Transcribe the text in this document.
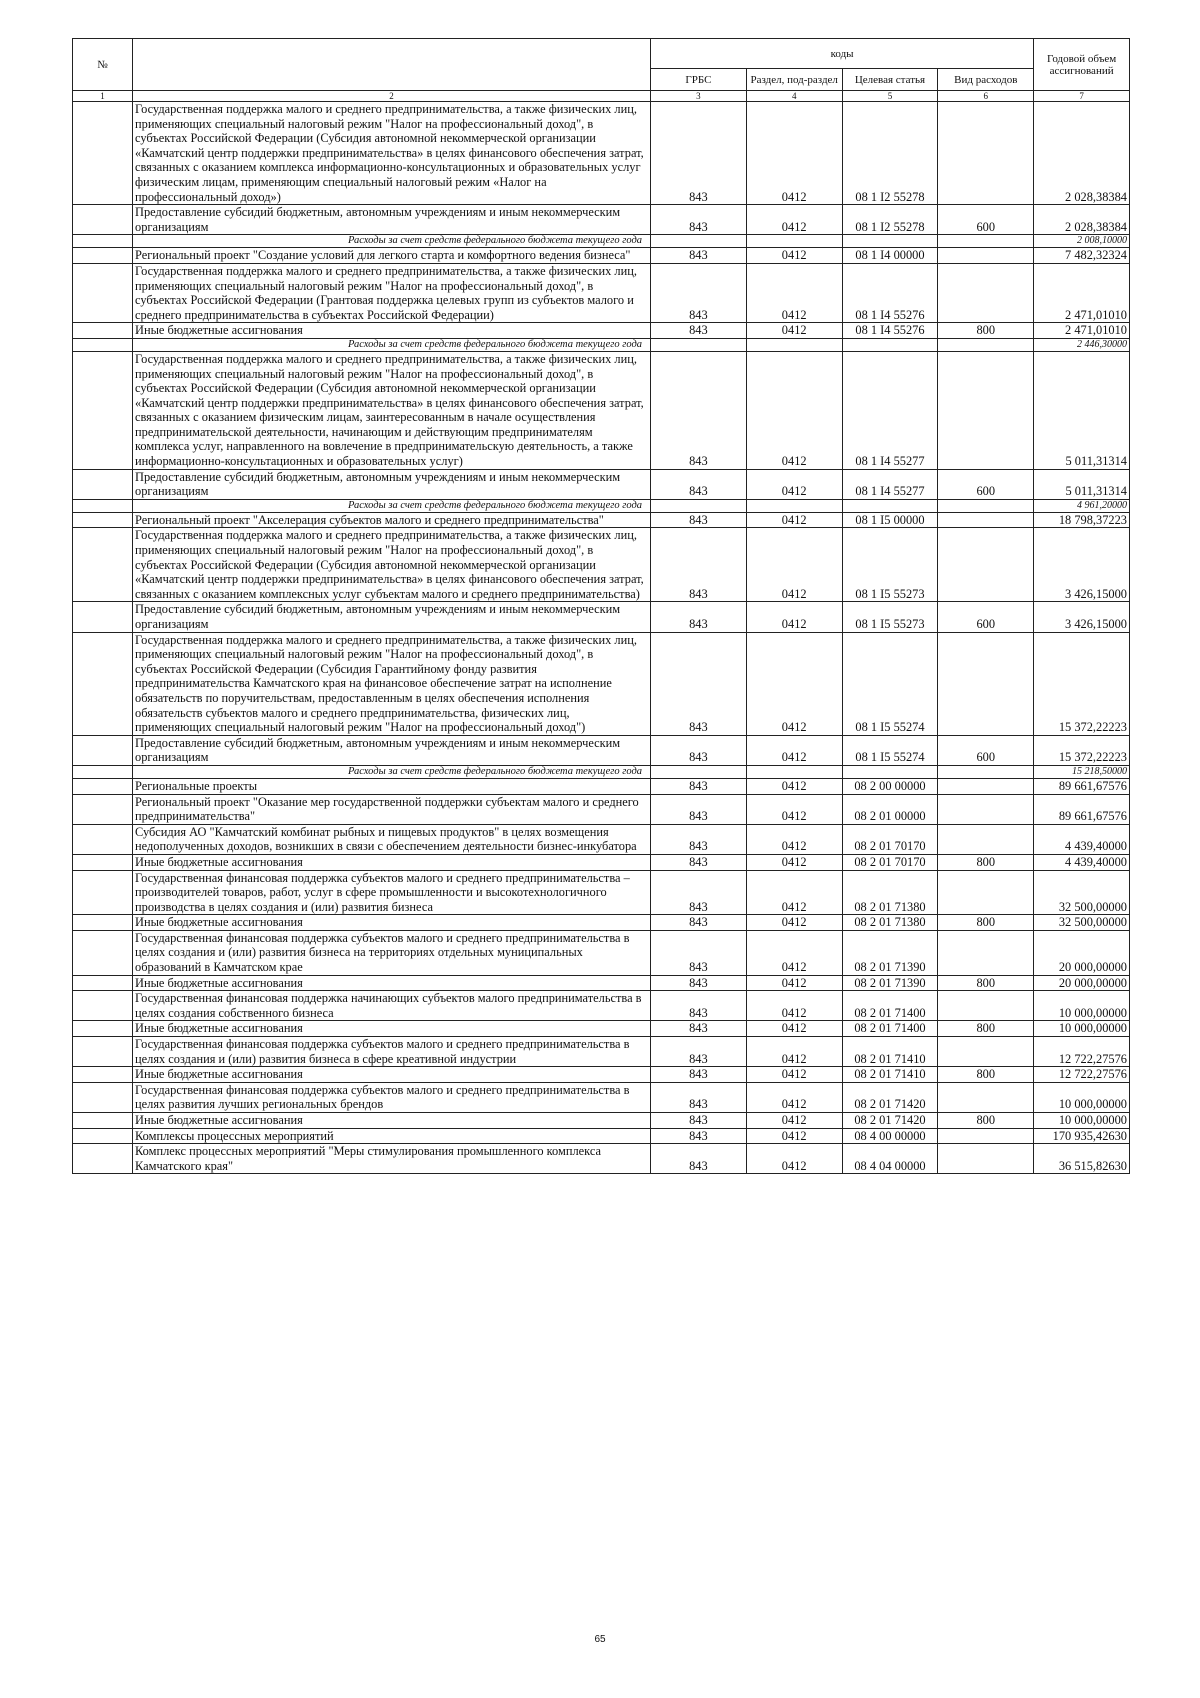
№		коды				Годовой объем ассигнований
		ГРБС	Раздел, под-раздел	Целевая статья	Вид расходов	
1	2	3	4	5	6	7
	Государственная поддержка малого и среднего предпринимательства, а также физических лиц, применяющих специальный налоговый режим "Налог на профессиональный доход", в субъектах Российской Федерации (Субсидия автономной некоммерческой организации «Камчатский центр поддержки предпринимательства» в целях финансового обеспечения затрат, связанных с оказанием комплекса информационно-консультационных и образовательных услуг физическим лицам, применяющим специальный налоговый режим «Налог на профессиональный доход»)	843	0412	08 1 I2 55278		2 028,38384
	Предоставление субсидий бюджетным, автономным учреждениям и иным некоммерческим организациям	843	0412	08 1 I2 55278	600	2 028,38384
	Расходы за счет средств федерального бюджета текущего года					2 008,10000
	Региональный проект "Создание условий для легкого старта и комфортного ведения бизнеса"	843	0412	08 1 I4 00000		7 482,32324
	Государственная поддержка малого и среднего предпринимательства, а также физических лиц, применяющих специальный налоговый режим "Налог на профессиональный доход", в субъектах Российской Федерации (Грантовая поддержка целевых групп из субъектов малого и среднего предпринимательства в субъектах Российской Федерации)	843	0412	08 1 I4 55276		2 471,01010
	Иные бюджетные ассигнования	843	0412	08 1 I4 55276	800	2 471,01010
	Расходы за счет средств федерального бюджета текущего года					2 446,30000
	Государственная поддержка малого и среднего предпринимательства, а также физических лиц, применяющих специальный налоговый режим "Налог на профессиональный доход", в субъектах Российской Федерации (Субсидия автономной некоммерческой организации «Камчатский центр поддержки предпринимательства» в целях финансового обеспечения затрат, связанных с оказанием физическим лицам, заинтересованным в начале осуществления предпринимательской деятельности, начинающим и действующим предпринимателям комплекса услуг, направленного на вовлечение в предпринимательскую деятельность, а также информационно-консультационных и образовательных услуг)	843	0412	08 1 I4 55277		5 011,31314
	Предоставление субсидий бюджетным, автономным учреждениям и иным некоммерческим организациям	843	0412	08 1 I4 55277	600	5 011,31314
	Расходы за счет средств федерального бюджета текущего года					4 961,20000
	Региональный проект "Акселерация субъектов малого и среднего предпринимательства"	843	0412	08 1 I5 00000		18 798,37223
	Государственная поддержка малого и среднего предпринимательства, а также физических лиц, применяющих специальный налоговый режим "Налог на профессиональный доход", в субъектах Российской Федерации (Субсидия автономной некоммерческой организации «Камчатский центр поддержки предпринимательства» в целях финансового обеспечения затрат, связанных с оказанием комплексных услуг субъектам малого и среднего предпринимательства)	843	0412	08 1 I5 55273		3 426,15000
	Предоставление субсидий бюджетным, автономным учреждениям и иным некоммерческим организациям	843	0412	08 1 I5 55273	600	3 426,15000
	Государственная поддержка малого и среднего предпринимательства, а также физических лиц, применяющих специальный налоговый режим "Налог на профессиональный доход", в субъектах Российской Федерации (Субсидия Гарантийному фонду развития предпринимательства Камчатского края на финансовое обеспечение затрат на исполнение обязательств по поручительствам, предоставленным в целях обеспечения исполнения обязательств субъектов малого и среднего предпринимательства, физических лиц, применяющих специальный налоговый режим "Налог на профессиональный доход")	843	0412	08 1 I5 55274		15 372,22223
	Предоставление субсидий бюджетным, автономным учреждениям и иным некоммерческим организациям	843	0412	08 1 I5 55274	600	15 372,22223
	Расходы за счет средств федерального бюджета текущего года					15 218,50000
	Региональные проекты	843	0412	08 2 00 00000		89 661,67576
	Региональный проект "Оказание мер государственной поддержки субъектам малого и среднего предпринимательства"	843	0412	08 2 01 00000		89 661,67576
	Субсидия АО "Камчатский комбинат рыбных и пищевых продуктов" в целях возмещения недополученных доходов, возникших в связи с обеспечением деятельности бизнес-инкубатора	843	0412	08 2 01 70170		4 439,40000
	Иные бюджетные ассигнования	843	0412	08 2 01 70170	800	4 439,40000
	Государственная финансовая поддержка субъектов малого и среднего предпринимательства – производителей товаров, работ, услуг в сфере промышленности и высокотехнологичного производства в целях создания и (или) развития бизнеса	843	0412	08 2 01 71380		32 500,00000
	Иные бюджетные ассигнования	843	0412	08 2 01 71380	800	32 500,00000
	Государственная финансовая поддержка субъектов малого и среднего предпринимательства в целях создания и (или) развития бизнеса на территориях отдельных муниципальных образований в Камчатском крае	843	0412	08 2 01 71390		20 000,00000
	Иные бюджетные ассигнования	843	0412	08 2 01 71390	800	20 000,00000
	Государственная финансовая поддержка начинающих субъектов малого предпринимательства в целях создания собственного бизнеса	843	0412	08 2 01 71400		10 000,00000
	Иные бюджетные ассигнования	843	0412	08 2 01 71400	800	10 000,00000
	Государственная финансовая поддержка субъектов малого и среднего предпринимательства в целях создания и (или) развития бизнеса в сфере креативной индустрии	843	0412	08 2 01 71410		12 722,27576
	Иные бюджетные ассигнования	843	0412	08 2 01 71410	800	12 722,27576
	Государственная финансовая поддержка субъектов малого и среднего предпринимательства в целях развития лучших региональных брендов	843	0412	08 2 01 71420		10 000,00000
	Иные бюджетные ассигнования	843	0412	08 2 01 71420	800	10 000,00000
	Комплексы процессных мероприятий	843	0412	08 4 00 00000		170 935,42630
	Комплекс процессных мероприятий "Меры стимулирования промышленного комплекса Камчатского края"	843	0412	08 4 04 00000		36 515,82630
65
